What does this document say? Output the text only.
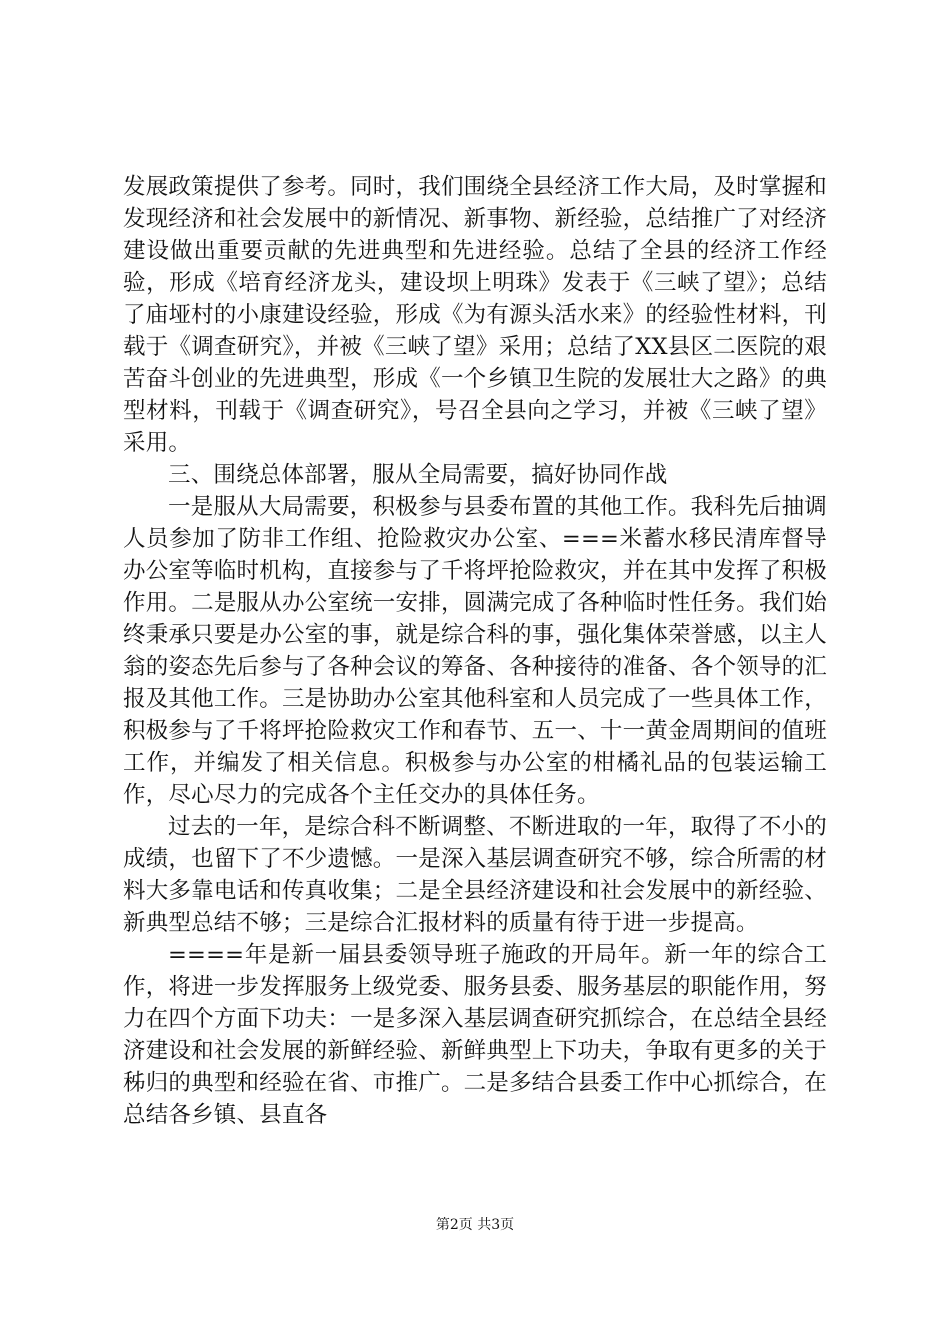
发展政策提供了参考。同时，我们围绕全县经济工作大局，及时掌握和发现经济和社会发展中的新情况、新事物、新经验，总结推广了对经济建设做出重要贡献的先进典型和先进经验。总结了全县的经济工作经验，形成《培育经济龙头，建设坝上明珠》发表于《三峡了望》；总结了庙垭村的小康建设经验，形成《为有源头活水来》的经验性材料，刊载于《调查研究》，并被《三峡了望》采用；总结了XX县区二医院的艰苦奋斗创业的先进典型，形成《一个乡镇卫生院的发展壮大之路》的典型材料，刊载于《调查研究》，号召全县向之学习，并被《三峡了望》采用。

三、围绕总体部署，服从全局需要，搞好协同作战

一是服从大局需要，积极参与县委布置的其他工作。我科先后抽调人员参加了防非工作组、抢险救灾办公室、===米蓄水移民清库督导办公室等临时机构，直接参与了千将坪抢险救灾，并在其中发挥了积极作用。二是服从办公室统一安排，圆满完成了各种临时性任务。我们始终秉承只要是办公室的事，就是综合科的事，强化集体荣誉感，以主人翁的姿态先后参与了各种会议的筹备、各种接待的准备、各个领导的汇报及其他工作。三是协助办公室其他科室和人员完成了一些具体工作，积极参与了千将坪抢险救灾工作和春节、五一、十一黄金周期间的值班工作，并编发了相关信息。积极参与办公室的柑橘礼品的包装运输工作，尽心尽力的完成各个主任交办的具体任务。

过去的一年，是综合科不断调整、不断进取的一年，取得了不小的成绩，也留下了不少遗憾。一是深入基层调查研究不够，综合所需的材料大多靠电话和传真收集；二是全县经济建设和社会发展中的新经验、新典型总结不够；三是综合汇报材料的质量有待于进一步提高。

====年是新一届县委领导班子施政的开局年。新一年的综合工作，将进一步发挥服务上级党委、服务县委、服务基层的职能作用，努力在四个方面下功夫：一是多深入基层调查研究抓综合，在总结全县经济建设和社会发展的新鲜经验、新鲜典型上下功夫，争取有更多的关于秭归的典型和经验在省、市推广。二是多结合县委工作中心抓综合，在总结各乡镇、县直各

第2页 共3页
